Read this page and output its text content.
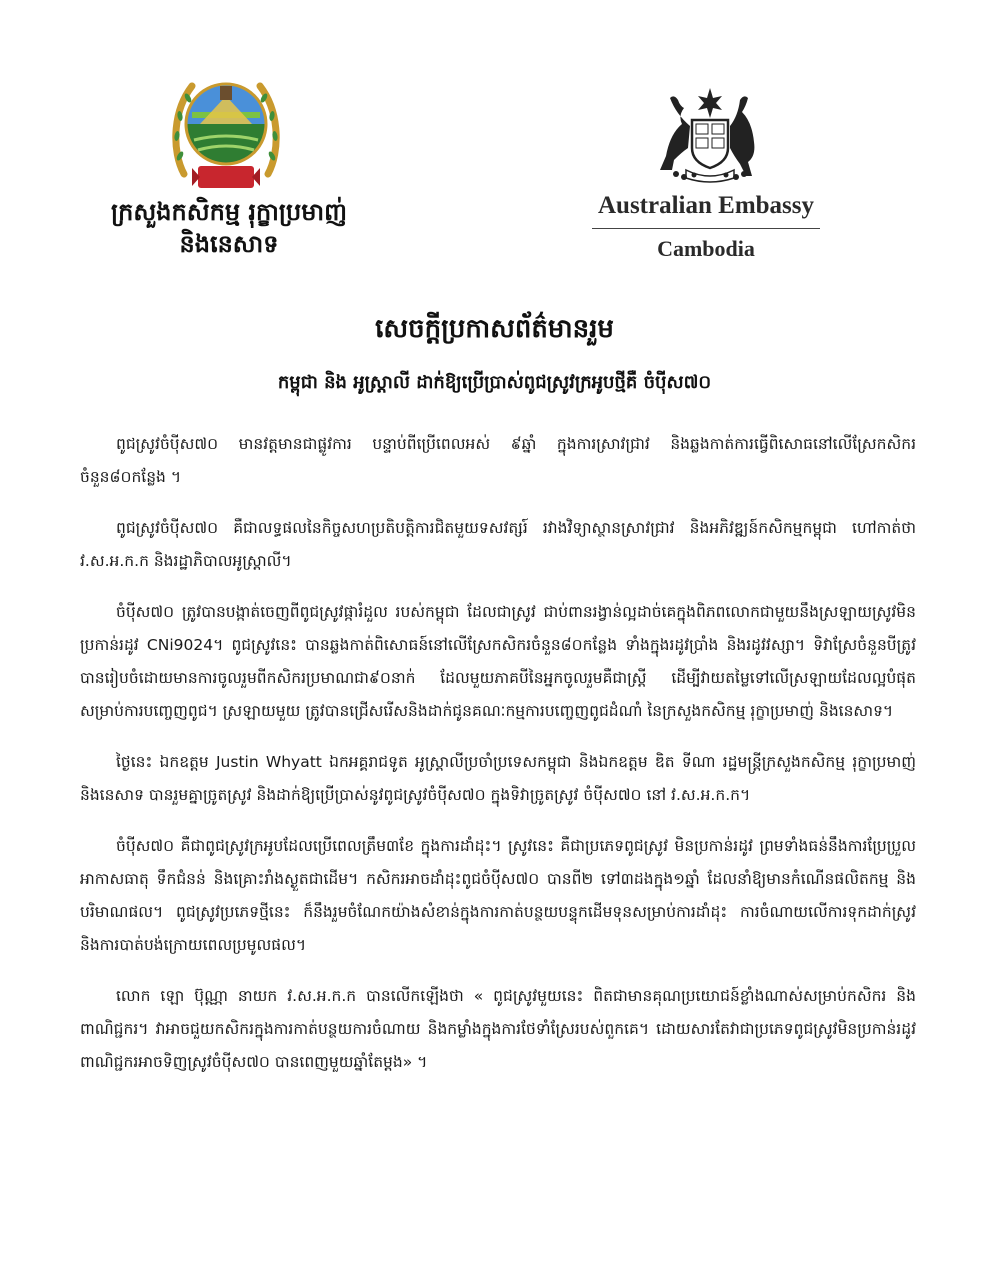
ក្រសួងកសិកម្ម រុក្ខាប្រមាញ់
និងនេសាទ
Australian Embassy
Cambodia
សេចក្តីប្រកាសព័ត៌មានរួម
កម្ពុជា និង អូស្ត្រាលី ដាក់ឱ្យប្រើប្រាស់ពូជស្រូវក្រអូបថ្មីគឺ ចំប៉ីស៧០

ពូជស្រូវចំប៉ីស៧០ មានវត្តមានជាផ្លូវការ បន្ទាប់ពីប្រើពេលអស់ ៩ឆ្នាំ ក្នុងការស្រាវជ្រាវ និងឆ្លងកាត់ការធ្វើពិសោធនៅលើស្រែកសិករ ចំនួន៨០កន្លែង ។

ពូជស្រូវចំប៉ីស៧០ គឺជាលទ្ធផលនៃកិច្ចសហប្រតិបត្តិការជិតមួយទសវត្សរ៍ រវាងវិទ្យាស្ថានស្រាវជ្រាវ និងអភិវឌ្ឍន៍កសិកម្មកម្ពុជា ហៅកាត់ថា វ.ស.អ.ក.ក និងរដ្ឋាភិបាលអូស្ត្រាលី។

ចំប៉ីស៧០ ត្រូវបានបង្កាត់ចេញពីពូជស្រូវផ្ការំដួល របស់កម្ពុជា ដែលជាស្រូវ ជាប់ពានរង្វាន់ល្អដាច់គេក្នុងពិភពលោកជាមួយនឹងស្រឡាយស្រូវមិនប្រកាន់រដូវ CNi9024។ ពូជស្រូវនេះ បានឆ្លងកាត់ពិសោធន៍នៅលើស្រែកសិករចំនួន៨០កន្លែង ទាំងក្នុងរដូវប្រាំង និងរដូវវស្សា។ ទិវាស្រែចំនួនបីត្រូវបានរៀបចំដោយមានការចូលរួមពីកសិករប្រមាណជា៩០នាក់ ដែលមួយភាគបីនៃអ្នកចូលរួមគឺជាស្ត្រី ដើម្បីវាយតម្លៃទៅលើស្រឡាយដែលល្អបំផុតសម្រាប់ការបញ្ចេញពូជ។ ស្រឡាយមួយ ត្រូវបានជ្រើសរើសនិងដាក់ជូនគណៈកម្មការបញ្ចេញពូជដំណាំ នៃក្រសួងកសិកម្ម រុក្ខាប្រមាញ់ និងនេសាទ។

ថ្ងៃនេះ ឯកឧត្តម Justin Whyatt ឯកអគ្គរាជទូត អូស្ត្រាលីប្រចាំប្រទេសកម្ពុជា និងឯកឧត្តម ឌិត ទីណា រដ្ឋមន្ត្រីក្រសួងកសិកម្ម រុក្ខាប្រមាញ់ និងនេសាទ បានរួមគ្នាច្រូតស្រូវ និងដាក់ឱ្យប្រើប្រាស់នូវពូជស្រូវចំប៉ីស៧០ ក្នុងទិវាច្រូតស្រូវ ចំប៉ីស៧០ នៅ វ.ស.អ.ក.ក។

ចំប៉ីស៧០ គឺជាពូជស្រូវក្រអូបដែលប្រើពេលត្រឹម៣ខែ ក្នុងការដាំដុះ។ ស្រូវនេះ គឺជាប្រភេទពូជស្រូវ មិនប្រកាន់រដូវ ព្រមទាំងធន់នឹងការប្រែប្រួលអាកាសធាតុ ទឹកជំនន់ និងគ្រោះរាំងស្ងួតជាដើម។ កសិករអាចដាំដុះពូជចំប៉ីស៧០ បានពី២ ទៅ៣ដងក្នុង១ឆ្នាំ ដែលនាំឱ្យមានកំណើនផលិតកម្ម និងបរិមាណផល។ ពូជស្រូវប្រភេទថ្មីនេះ ក៏នឹងរួមចំណែកយ៉ាងសំខាន់ក្នុងការកាត់បន្ថយបន្ទុកដើមទុនសម្រាប់ការដាំដុះ ការចំណាយលើការទុកដាក់ស្រូវ និងការបាត់បង់ក្រោយពេលប្រមូលផល។

លោក ឡោ ប៊ុណ្ណា នាយក វ.ស.អ.ក.ក បានលើកឡើងថា « ពូជស្រូវមួយនេះ ពិតជាមានគុណប្រយោជន៍ខ្លាំងណាស់សម្រាប់កសិករ និងពាណិជ្ជករ។ វាអាចជួយកសិករក្នុងការកាត់បន្ថយការចំណាយ និងកម្លាំងក្នុងការថែទាំស្រែរបស់ពួកគេ។ ដោយសារតែវាជាប្រភេទពូជស្រូវមិនប្រកាន់រដូវ ពាណិជ្ជករអាចទិញស្រូវចំប៉ីស៧០ បានពេញមួយឆ្នាំតែម្តង» ។
